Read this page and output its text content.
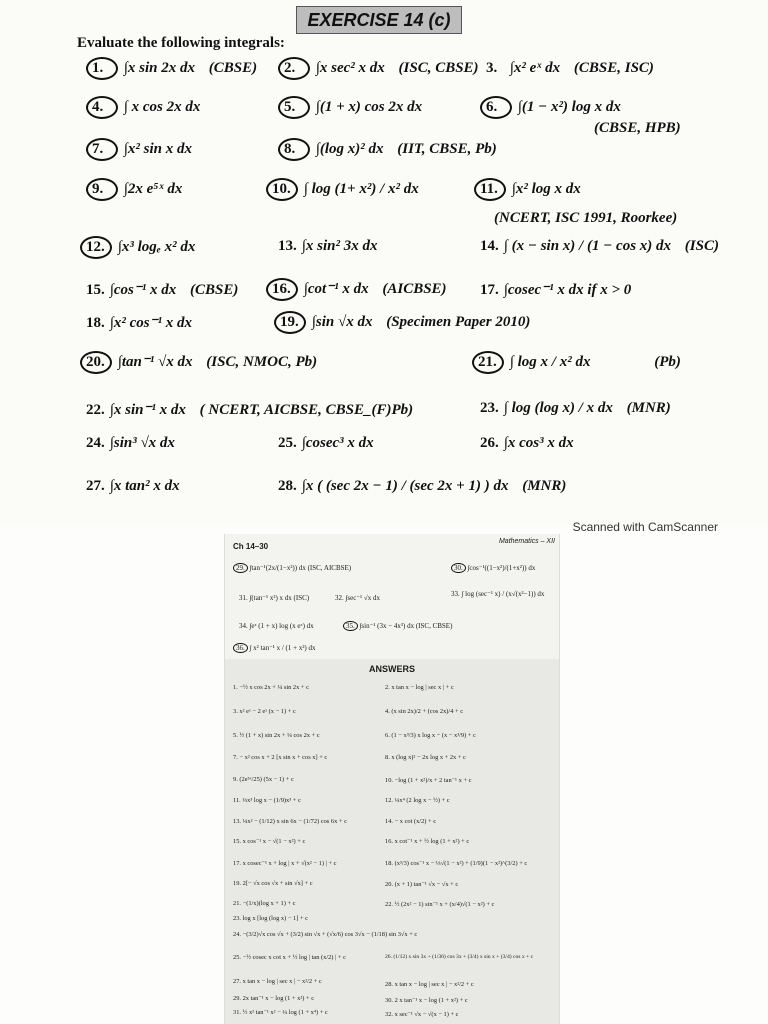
EXERCISE 14 (c)
Evaluate the following integrals:
1. ∫x sin 2x dx (CBSE)	2. ∫x sec² x dx (ISC, CBSE) 3. ∫x² eˣ dx (CBSE, ISC)
4. ∫ x cos 2x dx	5. ∫(1 + x) cos 2x dx	6. ∫(1 − x²) log x dx
(CBSE, HPB)
7. ∫x² sin x dx	8. ∫(log x)² dx (IIT, CBSE, Pb)
9. ∫2x e⁵ˣ dx	10. ∫ log (1+ x²) / x² dx	11. ∫x² log x dx
(NCERT, ISC 1991, Roorkee)
12. ∫x³ logₑ x² dx	13. ∫x sin² 3x dx	14. ∫ (x − sin x) / (1 − cos x) dx (ISC)
15. ∫cos⁻¹ x dx (CBSE)	16. ∫cot⁻¹ x dx (AICBSE) 17. ∫cosec⁻¹ x dx if x > 0
18. ∫x² cos⁻¹ x dx	19. ∫sin √x dx (Specimen Paper 2010)
20. ∫tan⁻¹ √x dx (ISC, NMOC, Pb)	21. ∫ log x / x² dx	(Pb)
22. ∫x sin⁻¹ x dx ( NCERT, AICBSE, CBSE_(F)Pb)	23. ∫ log (log x) / x dx (MNR)
24. ∫sin³ √x dx	25. ∫cosec³ x dx	26. ∫x cos³ x dx
27. ∫x tan² x dx	28. ∫x ( (sec 2x − 1) / (sec 2x + 1) ) dx (MNR)
Scanned with CamScanner
Ch 14–30
Mathematics – XII
29. ∫tan⁻¹(2x/(1−x²)) dx (ISC, AICBSE)	30. ∫cos⁻¹((1−x²)/(1+x²)) dx
31. ∫(tan⁻¹ x²) x dx (ISC)	32. ∫sec⁻¹ √x dx	33. ∫ log (sec⁻¹ x) / (x√(x²−1)) dx
34. ∫eˣ (1 + x) log (x eˣ) dx	35. ∫sin⁻¹ (3x − 4x³) dx (ISC, CBSE)
36. ∫ x² tan⁻¹ x / (1 + x²) dx
ANSWERS
1. −½ x cos 2x + ¼ sin 2x + c	2. x tan x − log | sec x | + c
3. x² eˣ − 2 eˣ (x − 1) + c	4. (x sin 2x)/2 + (cos 2x)/4 + c
5. ½ (1 + x) sin 2x + ¼ cos 2x + c	6. (1 − x³/3) x log x − (x − x³/9) + c
7. − x² cos x + 2 [x sin x + cos x] + c	8. x (log x)² − 2x log x + 2x + c
9. (2e⁵ˣ/25) (5x − 1) + c	10. −log (1 + x²)/x + 2 tan⁻¹ x + c
11. ⅓x³ log x − (1/9)x³ + c	12. ¼x⁴ (2 log x − ½) + c
13. ¼x² − (1/12) x sin 6x − (1/72) cos 6x + c	14. − x cot (x/2) + c
15. x cos⁻¹ x − √(1 − x²) + c	16. x cot⁻¹ x + ½ log (1 + x²) + c
17. x cosec⁻¹ x + log | x + √(x² − 1) | + c	18. (x³/3) cos⁻¹ x − ⅓√(1 − x²) + (1/9)(1 − x²)^(3/2) + c
19. 2[− √x cos √x + sin √x] + c	20. (x + 1) tan⁻¹ √x − √x + c
21. −(1/x)(log x + 1) + c	22. ½ (2x² − 1) sin⁻¹ x + (x/4)√(1 − x²) + c
23. log x [log (log x) − 1] + c
24. −(3/2)√x cos √x + (3/2) sin √x + (√x/6) cos 3√x − (1/18) sin 3√x + c
25. −½ cosec x cot x + ½ log | tan (x/2) | + c	26. (1/12) x sin 3x + (1/36) cos 3x + (3/4) x sin x + (3/4) cos x + c
27. x tan x − log | sec x | − x²/2 + c	28. x tan x − log | sec x | − x²/2 + c
29. 2x tan⁻¹ x − log (1 + x²) + c	30. 2 x tan⁻¹ x − log (1 + x²) + c
31. ½ x² tan⁻¹ x² − ¼ log (1 + x⁴) + c	32. x sec⁻¹ √x − √(x − 1) + c
